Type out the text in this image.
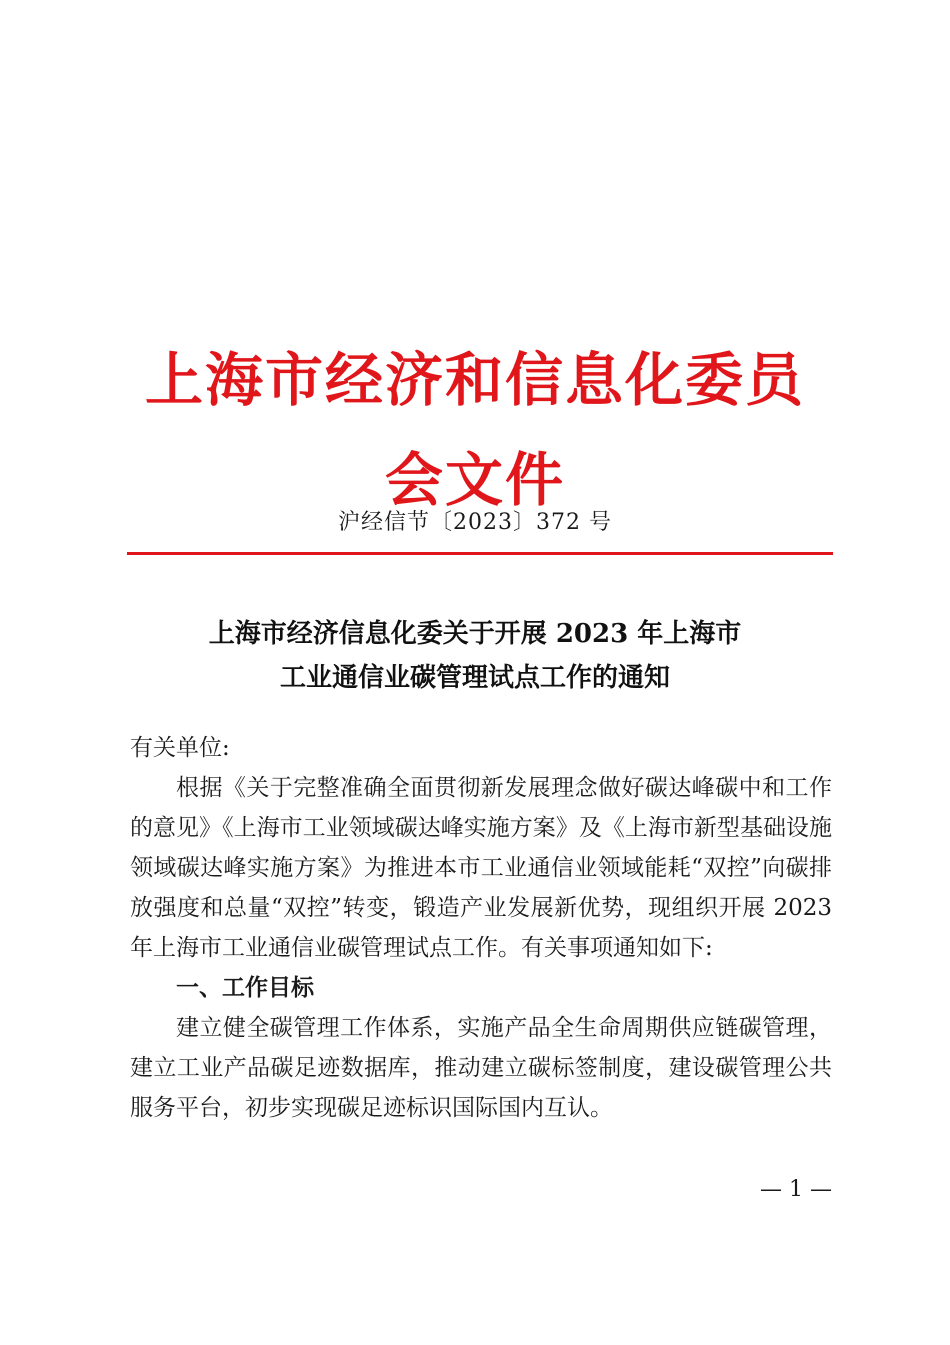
上海市经济和信息化委员会文件
沪经信节〔2023〕372 号
上海市经济信息化委关于开展 2023 年上海市
工业通信业碳管理试点工作的通知

有关单位:

根据《关于完整准确全面贯彻新发展理念做好碳达峰碳中和工作的意见》《上海市工业领域碳达峰实施方案》及《上海市新型基础设施领域碳达峰实施方案》为推进本市工业通信业领域能耗“双控”向碳排放强度和总量“双控”转变，锻造产业发展新优势，现组织开展 2023 年上海市工业通信业碳管理试点工作。有关事项通知如下:

一、工作目标

建立健全碳管理工作体系，实施产品全生命周期供应链碳管理，建立工业产品碳足迹数据库，推动建立碳标签制度，建设碳管理公共服务平台，初步实现碳足迹标识国际国内互认。

— 1 —
